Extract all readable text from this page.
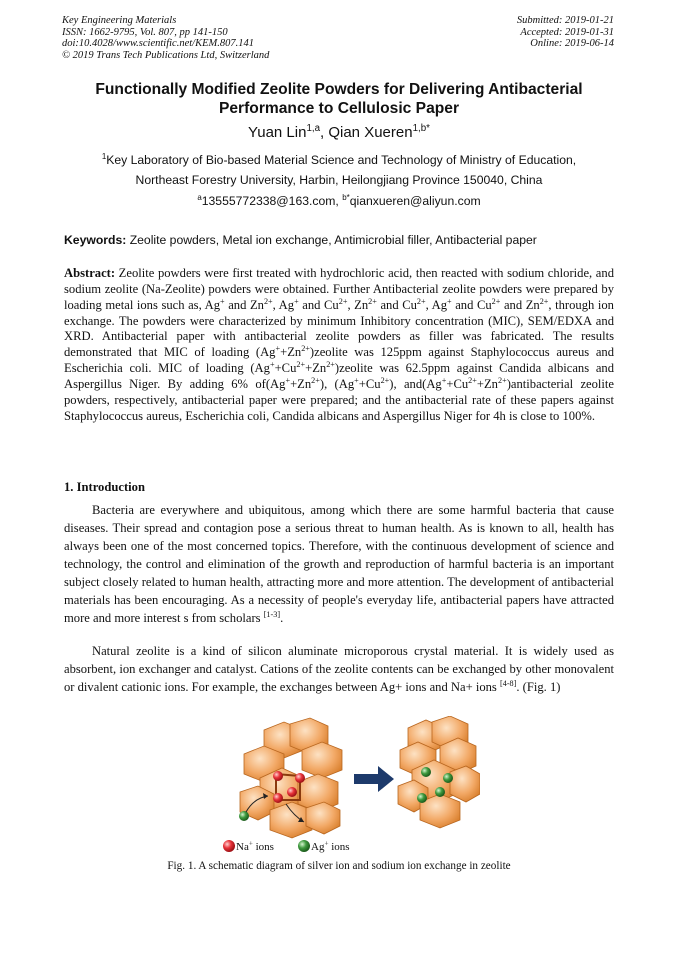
Key Engineering Materials
ISSN: 1662-9795, Vol. 807, pp 141-150
doi:10.4028/www.scientific.net/KEM.807.141
© 2019 Trans Tech Publications Ltd, Switzerland
Submitted: 2019-01-21
Accepted: 2019-01-31
Online: 2019-06-14
Functionally Modified Zeolite Powders for Delivering Antibacterial
Performance to Cellulosic Paper
Yuan Lin$^{1,a}$, Qian Xueren$^{1,b*}$
$^1$Key Laboratory of Bio-based Material Science and Technology of Ministry of Education,
Northeast Forestry University, Harbin, Heilongjiang Province 150040, China
$^a$13555772338@163.com, $^{b*}$qianxueren@aliyun.com
Keywords: Zeolite powders, Metal ion exchange, Antimicrobial filler, Antibacterial paper
Abstract: Zeolite powders were first treated with hydrochloric acid, then reacted with sodium chloride, and sodium zeolite (Na-Zeolite) powders were obtained. Further Antibacterial zeolite powders were prepared by loading metal ions such as, Ag+ and $Zn^{2+}$, Ag+ and $Cu^{2+}$, $Zn^{2+}$ and $Cu^{2+}$, Ag+ and $Cu^{2+}$ and $Zn^{2+}$, through ion exchange. The powders were characterized by minimum Inhibitory concentration (MIC), SEM/EDXA and XRD. Antibacterial paper with antibacterial zeolite powders as filler was fabricated. The results demonstrated that MIC of loading $(Ag^++Zn^{2+})zeolite$ was 125ppm against Staphylococcus aureus and Escherichia coli. MIC of loading $(Ag^++Cu^{2+}+Zn^{2+})zeolite$ was 62.5ppm against Candida albicans and Aspergillus Niger. By adding 6% $of(Ag^++Zn^{2+})$, $(Ag^++Cu^{2+})$, $and(Ag^++Cu^{2+}+Zn^{2+})antibacterial$ zeolite powders, respectively, antibacterial paper were prepared; and the antibacterial rate of these papers against Staphylococcus aureus, Escherichia coli, Candida albicans and Aspergillus Niger for 4h is close to 100%.
1. Introduction
Bacteria are everywhere and ubiquitous, among which there are some harmful bacteria that cause diseases. Their spread and contagion pose a serious threat to human health. As is known to all, health has always been one of the most concerned topics. Therefore, with the continuous development of science and technology, the control and elimination of the growth and reproduction of harmful bacteria is an important subject closely related to human health, attracting more and more attention. The development of antibacterial materials has been encouraging. As a necessity of people's everyday life, antibacterial papers have attracted more and more interest s from scholars [1-3].
Natural zeolite is a kind of silicon aluminate microporous crystal material. It is widely used as absorbent, ion exchanger and catalyst. Cations of the zeolite contents can be exchanged by other monovalent or divalent cationic ions. For example, the exchanges between Ag+ ions and Na+ ions [4-8]. (Fig. 1)
Na+ ions	Ag+ ions
Fig. 1. A schematic diagram of silver ion and sodium ion exchange in zeolite
